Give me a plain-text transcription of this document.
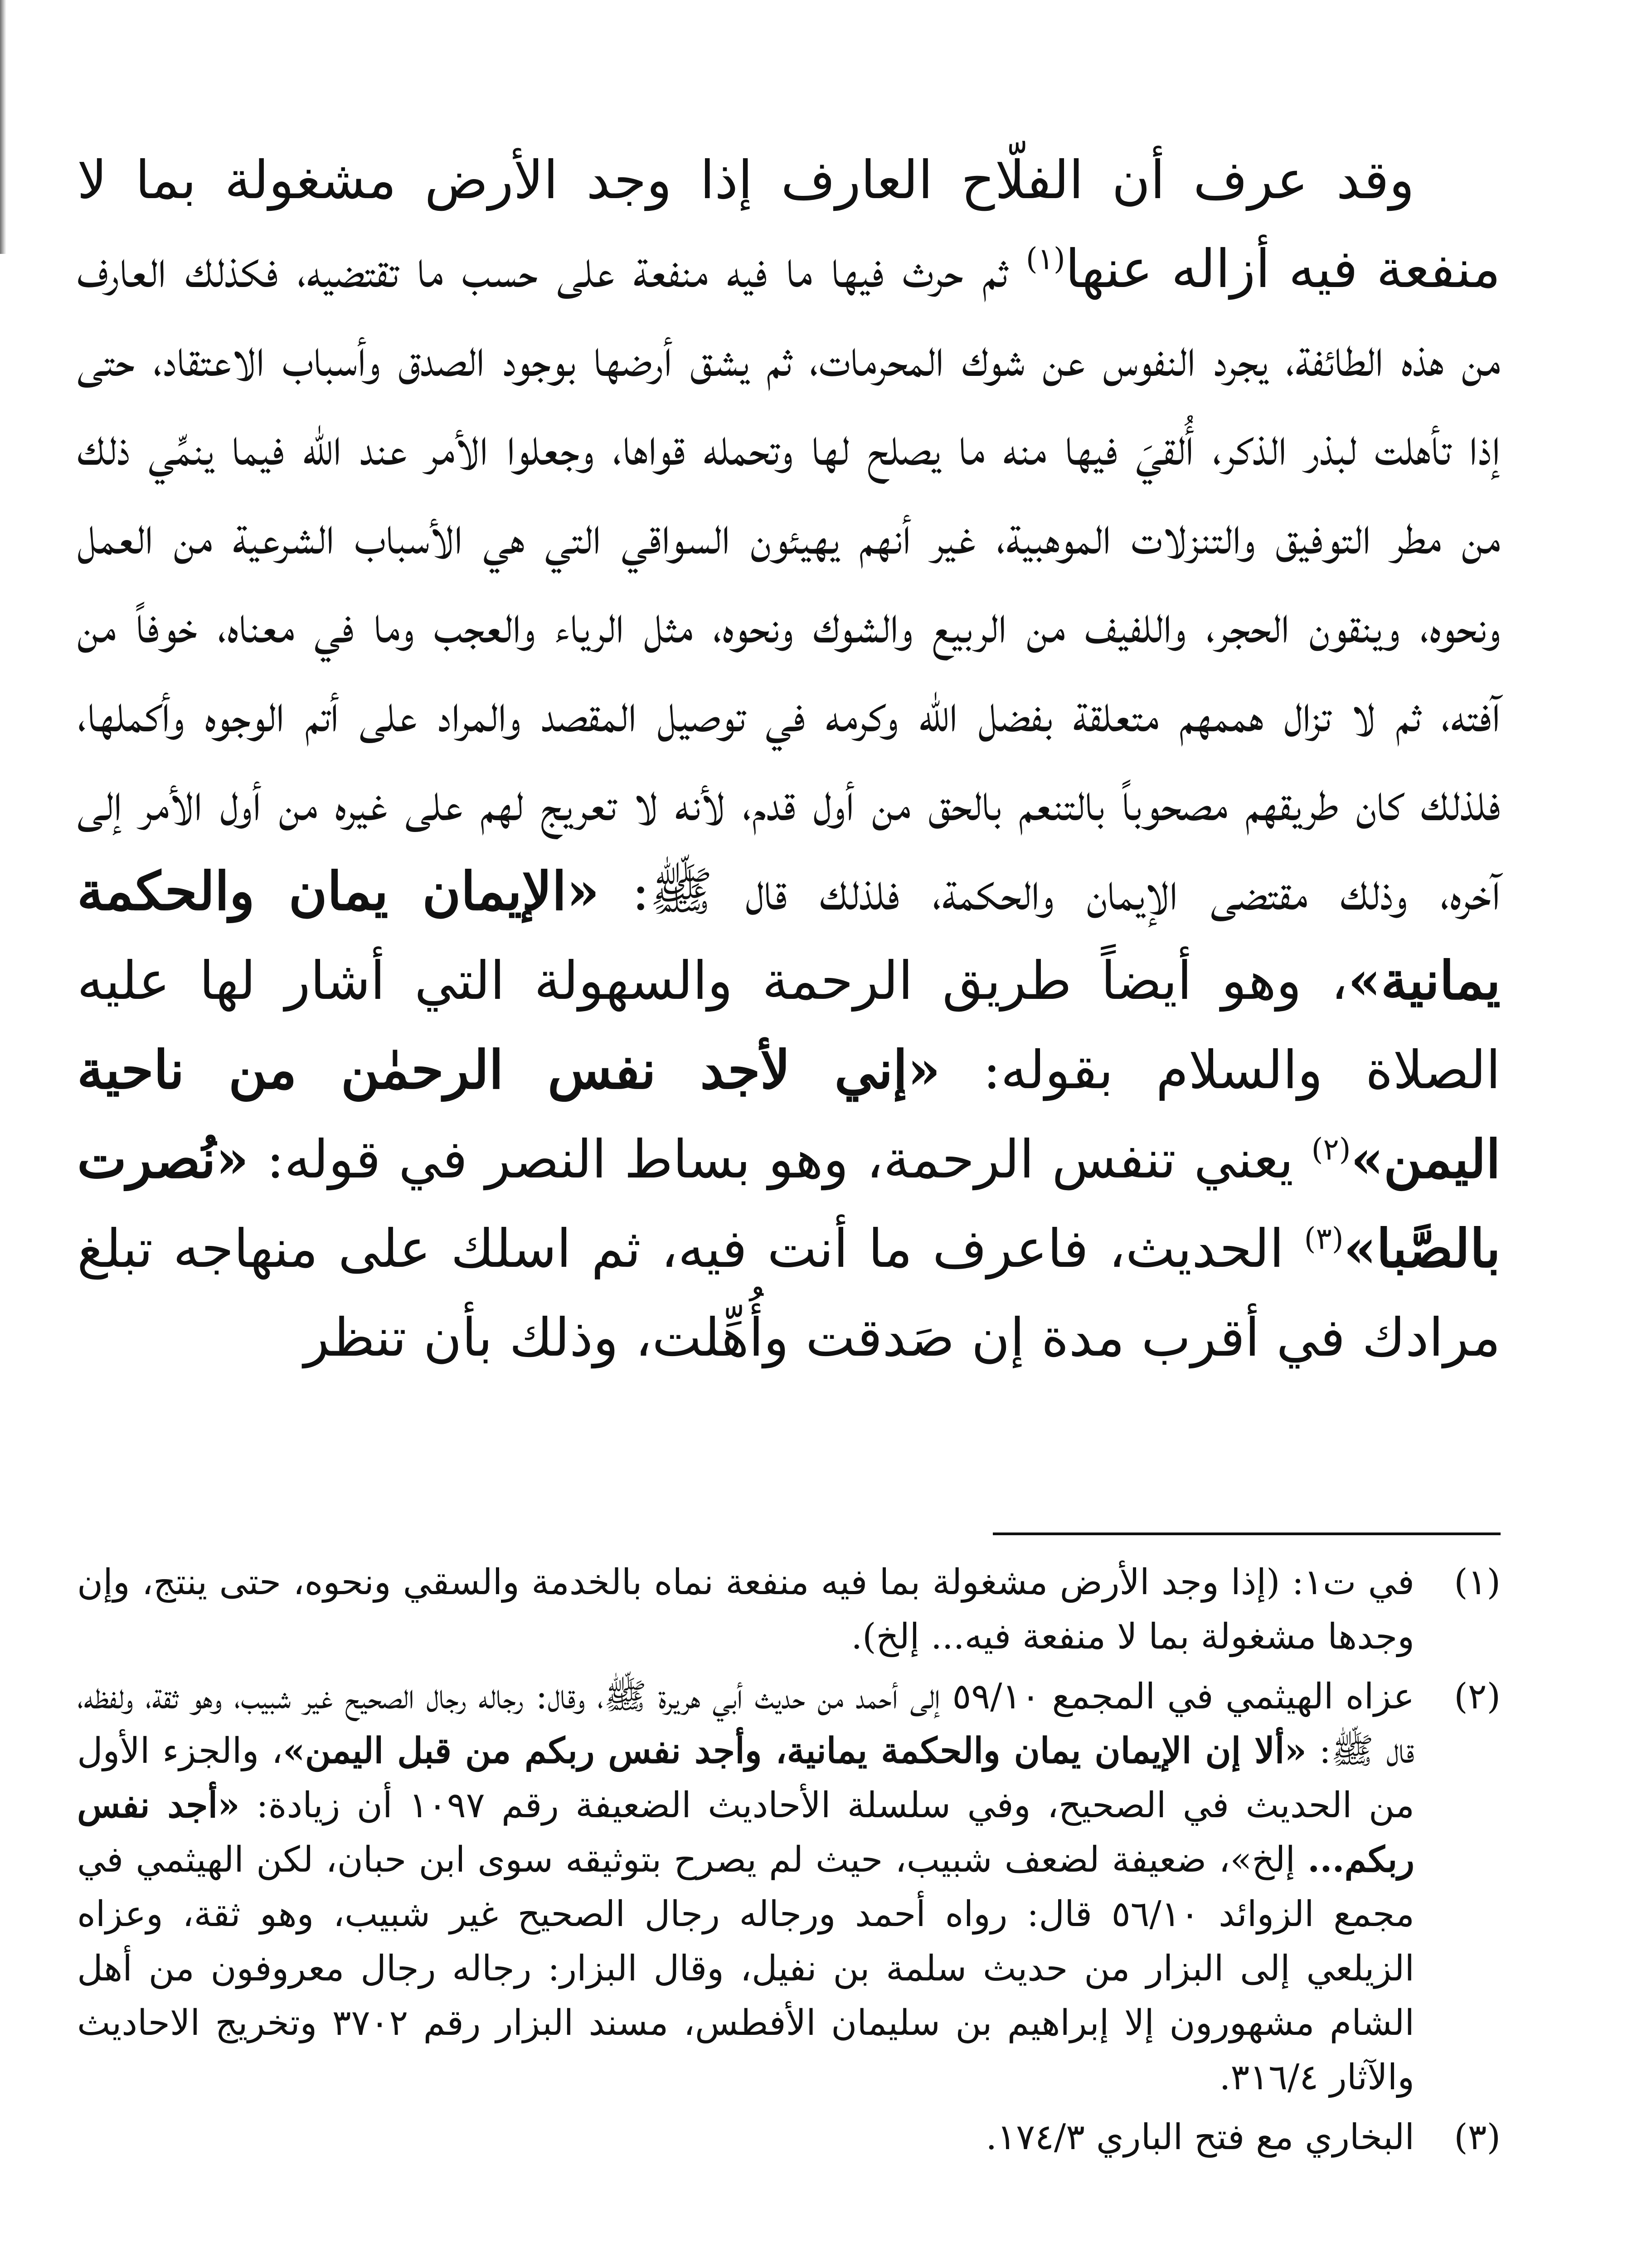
وقد عرف أن الفلّاح العارف إذا وجد الأرض مشغولة بما لا منفعة فيه أزاله عنها$^{(١)}$ ثم حرث فيها ما فيه منفعة على حسب ما تقتضيه، فكذلك العارف من هذه الطائفة، يجرد النفوس عن شوك المحرمات، ثم يشق أرضها بوجود الصدق وأسباب الاعتقاد، حتى إذا تأهلت لبذر الذكر، أُلقيَ فيها منه ما يصلح لها وتحمله قواها، وجعلوا الأمر عند الله فيما ينمِّي ذلك من مطر التوفيق والتنزلات الموهبية، غير أنهم يهيئون السواقي التي هي الأسباب الشرعية من العمل ونحوه، وينقون الحجر، واللفيف من الربيع والشوك ونحوه، مثل الرياء والعجب وما في معناه، خوفاً من آفته، ثم لا تزال هممهم متعلقة بفضل الله وكرمه في توصيل المقصد والمراد على أتم الوجوه وأكملها، فلذلك كان طريقهم مصحوباً بالتنعم بالحق من أول قدم، لأنه لا تعريج لهم على غيره من أول الأمر إلى آخره، وذلك مقتضى الإيمان والحكمة، فلذلك قال ﷺ: «الإيمان يمان والحكمة يمانية»، وهو أيضاً طريق الرحمة والسهولة التي أشار لها عليه الصلاة والسلام بقوله: «إني لأجد نفس الرحمٰن من ناحية اليمن»$^{(٢)}$ يعني تنفس الرحمة، وهو بساط النصر في قوله: «نُصرت بالصَّبا»$^{(٣)}$ الحديث، فاعرف ما أنت فيه، ثم اسلك على منهاجه تبلغ مرادك في أقرب مدة إن صَدقت وأُهِّلت، وذلك بأن تنظر

(١)
في ت١: (إذا وجد الأرض مشغولة بما فيه منفعة نماه بالخدمة والسقي ونحوه، حتى ينتج، وإن وجدها مشغولة بما لا منفعة فيه... إلخ).
(٢)
عزاه الهيثمي في المجمع ٥٩/١٠ إلى أحمد من حديث أبي هريرة ﷺ، وقال: رجاله رجال الصحيح غير شبيب، وهو ثقة، ولفظه، قال ﷺ: «ألا إن الإيمان يمان والحكمة يمانية، وأجد نفس ربكم من قبل اليمن»، والجزء الأول من الحديث في الصحيح، وفي سلسلة الأحاديث الضعيفة رقم ١٠٩٧ أن زيادة: «أجد نفس ربكم... إلخ»، ضعيفة لضعف شبيب، حيث لم يصرح بتوثيقه سوى ابن حبان، لكن الهيثمي في مجمع الزوائد ٥٦/١٠ قال: رواه أحمد ورجاله رجال الصحيح غير شبيب، وهو ثقة، وعزاه الزيلعي إلى البزار من حديث سلمة بن نفيل، وقال البزار: رجاله رجال معروفون من أهل الشام مشهورون إلا إبراهيم بن سليمان الأفطس، مسند البزار رقم ٣٧٠٢ وتخريج الاحاديث والآثار ٣١٦/٤.
(٣)
البخاري مع فتح الباري ١٧٤/٣.
